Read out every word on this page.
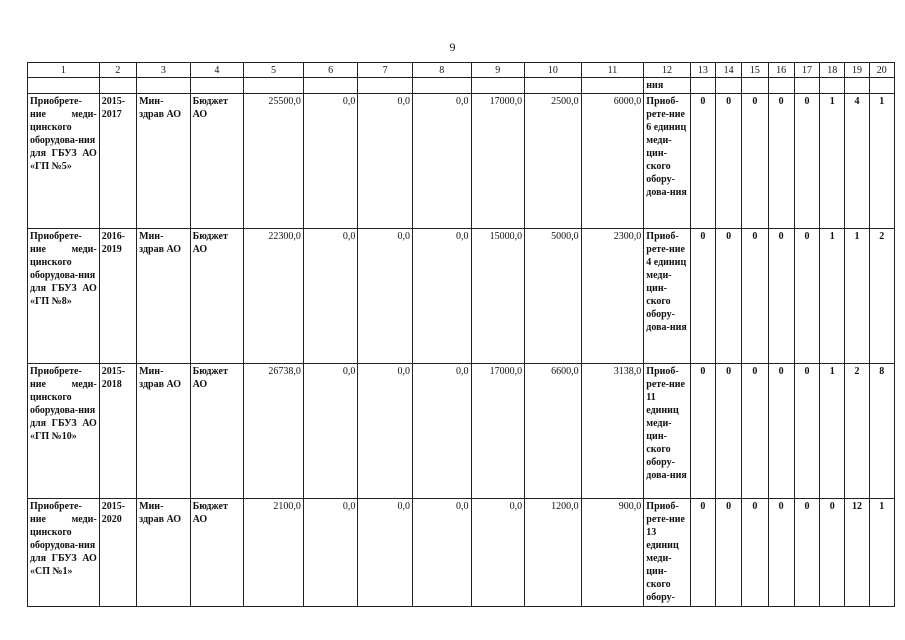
9
1	2	3	4	5	6	7	8	9	10	11	12	13	14	15	16	17	18	19	20
											ния								
Приобрете-ние меди-цинского оборудова-ния для ГБУЗ АО «ГП №5»	2015-2017	Мин-здрав АО	Бюджет АО	25500,0	0,0	0,0	0,0	17000,0	2500,0	6000,0	Приоб-рете-ние 6 единиц меди-цин-ского обору-дова-ния	0	0	0	0	0	1	4	1
Приобрете-ние меди-цинского оборудова-ния для ГБУЗ АО «ГП №8»	2016-2019	Мин-здрав АО	Бюджет АО	22300,0	0,0	0,0	0,0	15000,0	5000,0	2300,0	Приоб-рете-ние 4 единиц меди-цин-ского обору-дова-ния	0	0	0	0	0	1	1	2
Приобрете-ние меди-цинского оборудова-ния для ГБУЗ АО «ГП №10»	2015-2018	Мин-здрав АО	Бюджет АО	26738,0	0,0	0,0	0,0	17000,0	6600,0	3138,0	Приоб-рете-ние 11 единиц меди-цин-ского обору-дова-ния	0	0	0	0	0	1	2	8
Приобрете-ние меди-цинского оборудова-ния для ГБУЗ АО «СП №1»	2015-2020	Мин-здрав АО	Бюджет АО	2100,0	0,0	0,0	0,0	0,0	1200,0	900,0	Приоб-рете-ние 13 единиц меди-цин-ского обору-	0	0	0	0	0	0	12	1
